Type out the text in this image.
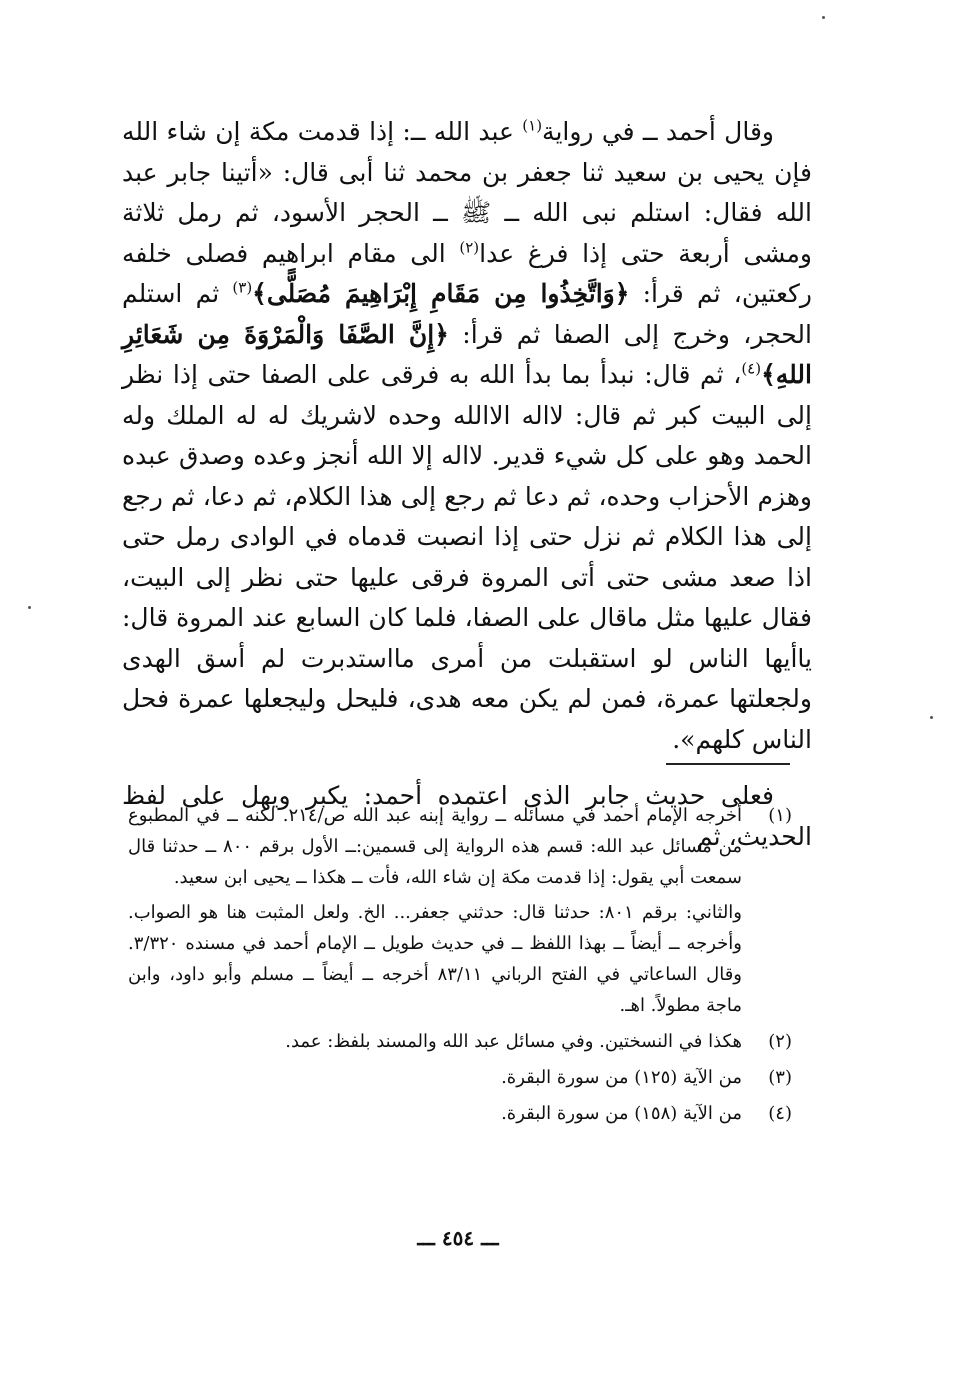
وقال أحمد ــ في رواية$^{(١)}$ عبد الله ــ: إذا قدمت مكة إن شاء الله فإن يحيى بن سعيد ثنا جعفر بن محمد ثنا أبى قال: «أتينا جابر عبد الله فقال: استلم نبى الله ــ ﷺ ــ الحجر الأسود، ثم رمل ثلاثة ومشى أربعة حتى إذا فرغ عدا$^{(٢)}$ الى مقام ابراهيم فصلى خلفه ركعتين، ثم قرأ: ﴿وَاتَّخِذُوا مِن مَقَامِ إِبْرَاهِيمَ مُصَلًّى﴾$^{(٣)}$ ثم استلم الحجر، وخرج إلى الصفا ثم قرأ: ﴿إِنَّ الصَّفَا وَالْمَرْوَةَ مِن شَعَائِرِ اللهِ﴾$^{(٤)}$، ثم قال: نبدأ بما بدأ الله به فرقى على الصفا حتى إذا نظر إلى البيت كبر ثم قال: لااله الاالله وحده لاشريك له له الملك وله الحمد وهو على كل شيء قدير. لااله إلا الله أنجز وعده وصدق عبده وهزم الأحزاب وحده، ثم دعا ثم رجع إلى هذا الكلام، ثم دعا، ثم رجع إلى هذا الكلام ثم نزل حتى إذا انصبت قدماه في الوادى رمل حتى اذا صعد مشى حتى أتى المروة فرقى عليها حتى نظر إلى البيت، فقال عليها مثل ماقال على الصفا، فلما كان السابع عند المروة قال: ياأيها الناس لو استقبلت من أمرى مااستدبرت لم أسق الهدى ولجعلتها عمرة، فمن لم يكن معه هدى، فليحل وليجعلها عمرة فحل الناس كلهم».

فعلى حديث جابر الذى اعتمده أحمد: يكبر ويهل على لفظ الحديث، ثم

(١)

أخرجه الإمام أحمد في مسائله ــ رواية إبنه عبد الله ص/٢١٤. لكنه ــ في المطبوع من مسائل عبد الله: قسم هذه الرواية إلى قسمين:ــ الأول برقم ٨٠٠ ــ حدثنا قال سمعت أبي يقول: إذا قدمت مكة إن شاء الله، فأت ــ هكذا ــ يحيى ابن سعيد.

والثاني: برقم ٨٠١: حدثنا قال: حدثني جعفر... الخ. ولعل المثبت هنا هو الصواب. وأخرجه ــ أيضاً ــ بهذا اللفظ ــ في حديث طويل ــ الإمام أحمد في مسنده ٣/٣٢٠. وقال الساعاتي في الفتح الرباني ٨٣/١١ أخرجه ــ أيضاً ــ مسلم وأبو داود، وابن ماجة مطولاً. اهـ.

(٢)

هكذا في النسختين. وفي مسائل عبد الله والمسند بلفظ: عمد.

(٣)

من الآية (١٢٥) من سورة البقرة.

(٤)

من الآية (١٥٨) من سورة البقرة.

ـــ ٤٥٤ ـــ
